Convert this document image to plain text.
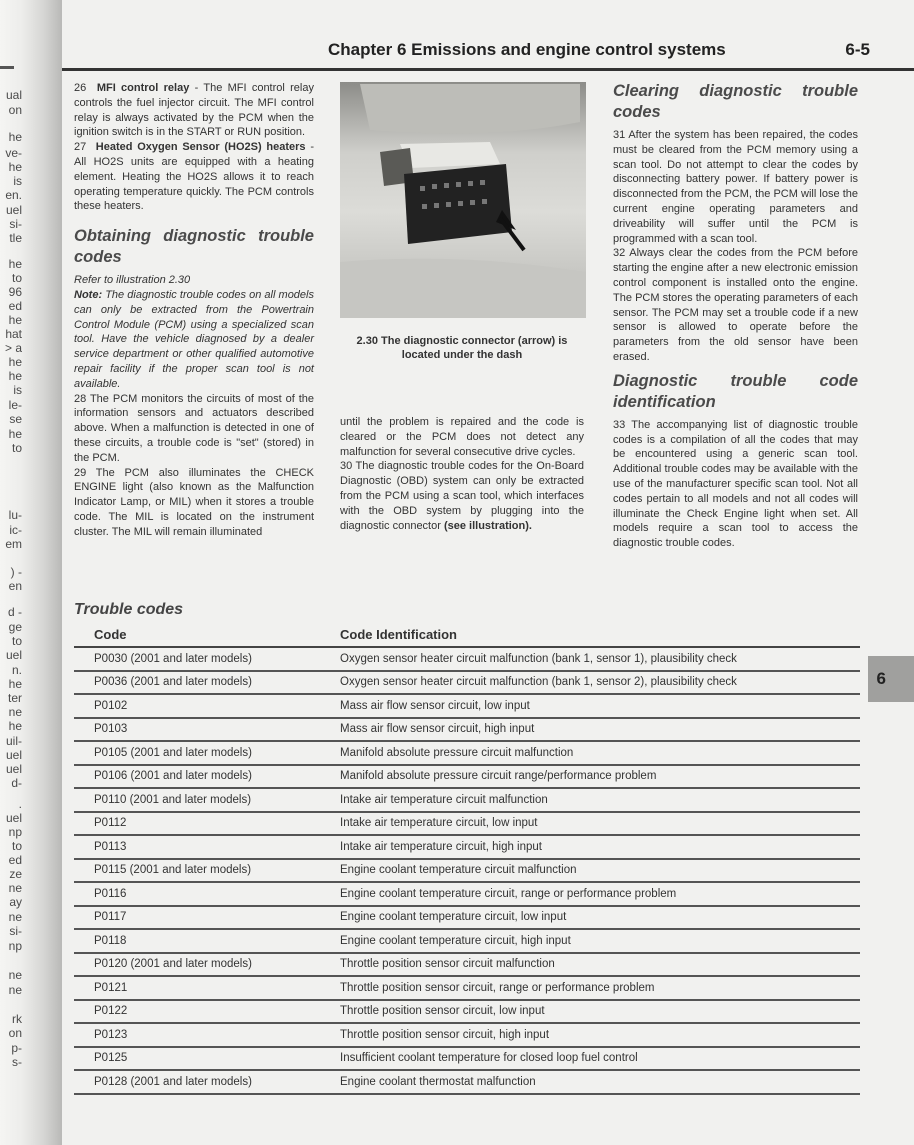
ual
on
he
ve-
he
is
en.
uel
si-
tle
he
to
96
ed
he
hat
> a
he
he
is
le-
se
he
to
lu-
ic-
em
) -
en
d -
ge
to
uel
n.
he
ter
ne
he
uil-
uel
uel
d-
.
uel
np
to
ed
ze
ne
ay
ne
si-
np
ne
ne
rk
on
p-
s-
Chapter 6 Emissions and engine control systems	6-5

26 MFI control relay - The MFI control relay controls the fuel injector circuit. The MFI control relay is always activated by the PCM when the ignition switch is in the START or RUN position.

27 Heated Oxygen Sensor (HO2S) heaters - All HO2S units are equipped with a heating element. Heating the HO2S allows it to reach operating temperature quickly. The PCM controls these heaters.

Obtaining diagnostic trouble codes

Refer to illustration 2.30

Note: The diagnostic trouble codes on all models can only be extracted from the Powertrain Control Module (PCM) using a specialized scan tool. Have the vehicle diagnosed by a dealer service department or other qualified automotive repair facility if the proper scan tool is not available.

28 The PCM monitors the circuits of most of the information sensors and actuators described above. When a malfunction is detected in one of these circuits, a trouble code is "set" (stored) in the PCM.

29 The PCM also illuminates the CHECK ENGINE light (also known as the Malfunction Indicator Lamp, or MIL) when it stores a trouble code. The MIL is located on the instrument cluster. The MIL will remain illuminated

2.30 The diagnostic connector (arrow) is located under the dash

until the problem is repaired and the code is cleared or the PCM does not detect any malfunction for several consecutive drive cycles.

30 The diagnostic trouble codes for the On-Board Diagnostic (OBD) system can only be extracted from the PCM using a scan tool, which interfaces with the OBD system by plugging into the diagnostic connector (see illustration).

Clearing diagnostic trouble codes

31 After the system has been repaired, the codes must be cleared from the PCM memory using a scan tool. Do not attempt to clear the codes by disconnecting battery power. If battery power is disconnected from the PCM, the PCM will lose the current engine operating parameters and driveability will suffer until the PCM is programmed with a scan tool.

32 Always clear the codes from the PCM before starting the engine after a new electronic emission control component is installed onto the engine. The PCM stores the operating parameters of each sensor. The PCM may set a trouble code if a new sensor is allowed to operate before the parameters from the old sensor have been erased.

Diagnostic trouble code identification

33 The accompanying list of diagnostic trouble codes is a compilation of all the codes that may be encountered using a generic scan tool. Additional trouble codes may be available with the use of the manufacturer specific scan tool. Not all codes pertain to all models and not all codes will illuminate the Check Engine light when set. All models require a scan tool to access the diagnostic trouble codes.

Trouble codes
Code	Code Identification
P0030 (2001 and later models)	Oxygen sensor heater circuit malfunction (bank 1, sensor 1), plausibility check
P0036 (2001 and later models)	Oxygen sensor heater circuit malfunction (bank 1, sensor 2), plausibility check
P0102	Mass air flow sensor circuit, low input
P0103	Mass air flow sensor circuit, high input
P0105 (2001 and later models)	Manifold absolute pressure circuit malfunction
P0106 (2001 and later models)	Manifold absolute pressure circuit range/performance problem
P0110 (2001 and later models)	Intake air temperature circuit malfunction
P0112	Intake air temperature circuit, low input
P0113	Intake air temperature circuit, high input
P0115 (2001 and later models)	Engine coolant temperature circuit malfunction
P0116	Engine coolant temperature circuit, range or performance problem
P0117	Engine coolant temperature circuit, low input
P0118	Engine coolant temperature circuit, high input
P0120 (2001 and later models)	Throttle position sensor circuit malfunction
P0121	Throttle position sensor circuit, range or performance problem
P0122	Throttle position sensor circuit, low input
P0123	Throttle position sensor circuit, high input
P0125	Insufficient coolant temperature for closed loop fuel control
P0128 (2001 and later models)	Engine coolant thermostat malfunction
6
